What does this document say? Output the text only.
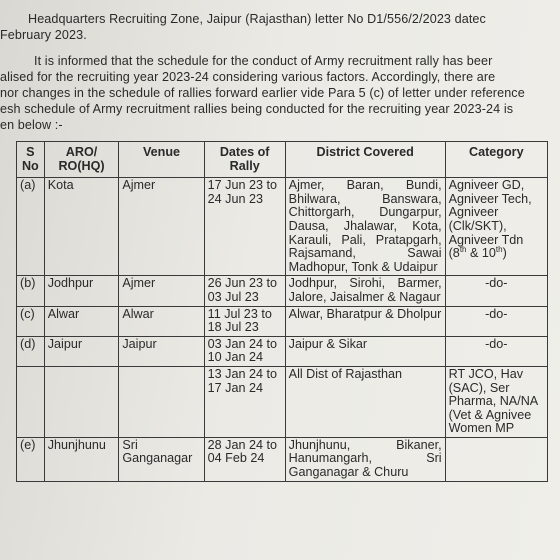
Headquarters Recruiting Zone, Jaipur (Rajasthan) letter No D1/556/2/2023 datec
February 2023.
It is informed that the schedule for the conduct of Army recruitment rally has beer
alised for the recruiting year 2023-24 considering various factors. Accordingly, there are
nor changes in the schedule of rallies forward earlier vide Para 5 (c) of letter under reference
esh schedule of Army recruitment rallies being conducted for the recruiting year 2023-24 is
en below :-
S No	ARO/ RO(HQ)	Venue	Dates of Rally	District Covered	Category
(a)	Kota	Ajmer	17 Jun 23 to 24 Jun 23	Ajmer, Baran, Bundi, Bhilwara, Banswara, Chittorgarh, Dungarpur, Dausa, Jhalawar, Kota, Karauli, Pali, Pratapgarh, Rajsamand, Sawai Madhopur, Tonk & Udaipur	Agniveer GD, Agniveer Tech, Agniveer (Clk/SKT), Agniveer Tdn (8th & 10th)
(b)	Jodhpur	Ajmer	26 Jun 23 to 03 Jul 23	Jodhpur, Sirohi, Barmer, Jalore, Jaisalmer & Nagaur	-do-
(c)	Alwar	Alwar	11 Jul 23 to 18 Jul 23	Alwar, Bharatpur & Dholpur	-do-
(d)	Jaipur	Jaipur	03 Jan 24 to 10 Jan 24	Jaipur & Sikar	-do-
			13 Jan 24 to 17 Jan 24	All Dist of Rajasthan	RT JCO, Hav (SAC), Ser Pharma, NA/NA (Vet & Agnivee Women MP
(e)	Jhunjhunu	Sri Ganganagar	28 Jan 24 to 04 Feb 24	Jhunjhunu, Bikaner, Hanumangarh, Sri Ganganagar & Churu	
